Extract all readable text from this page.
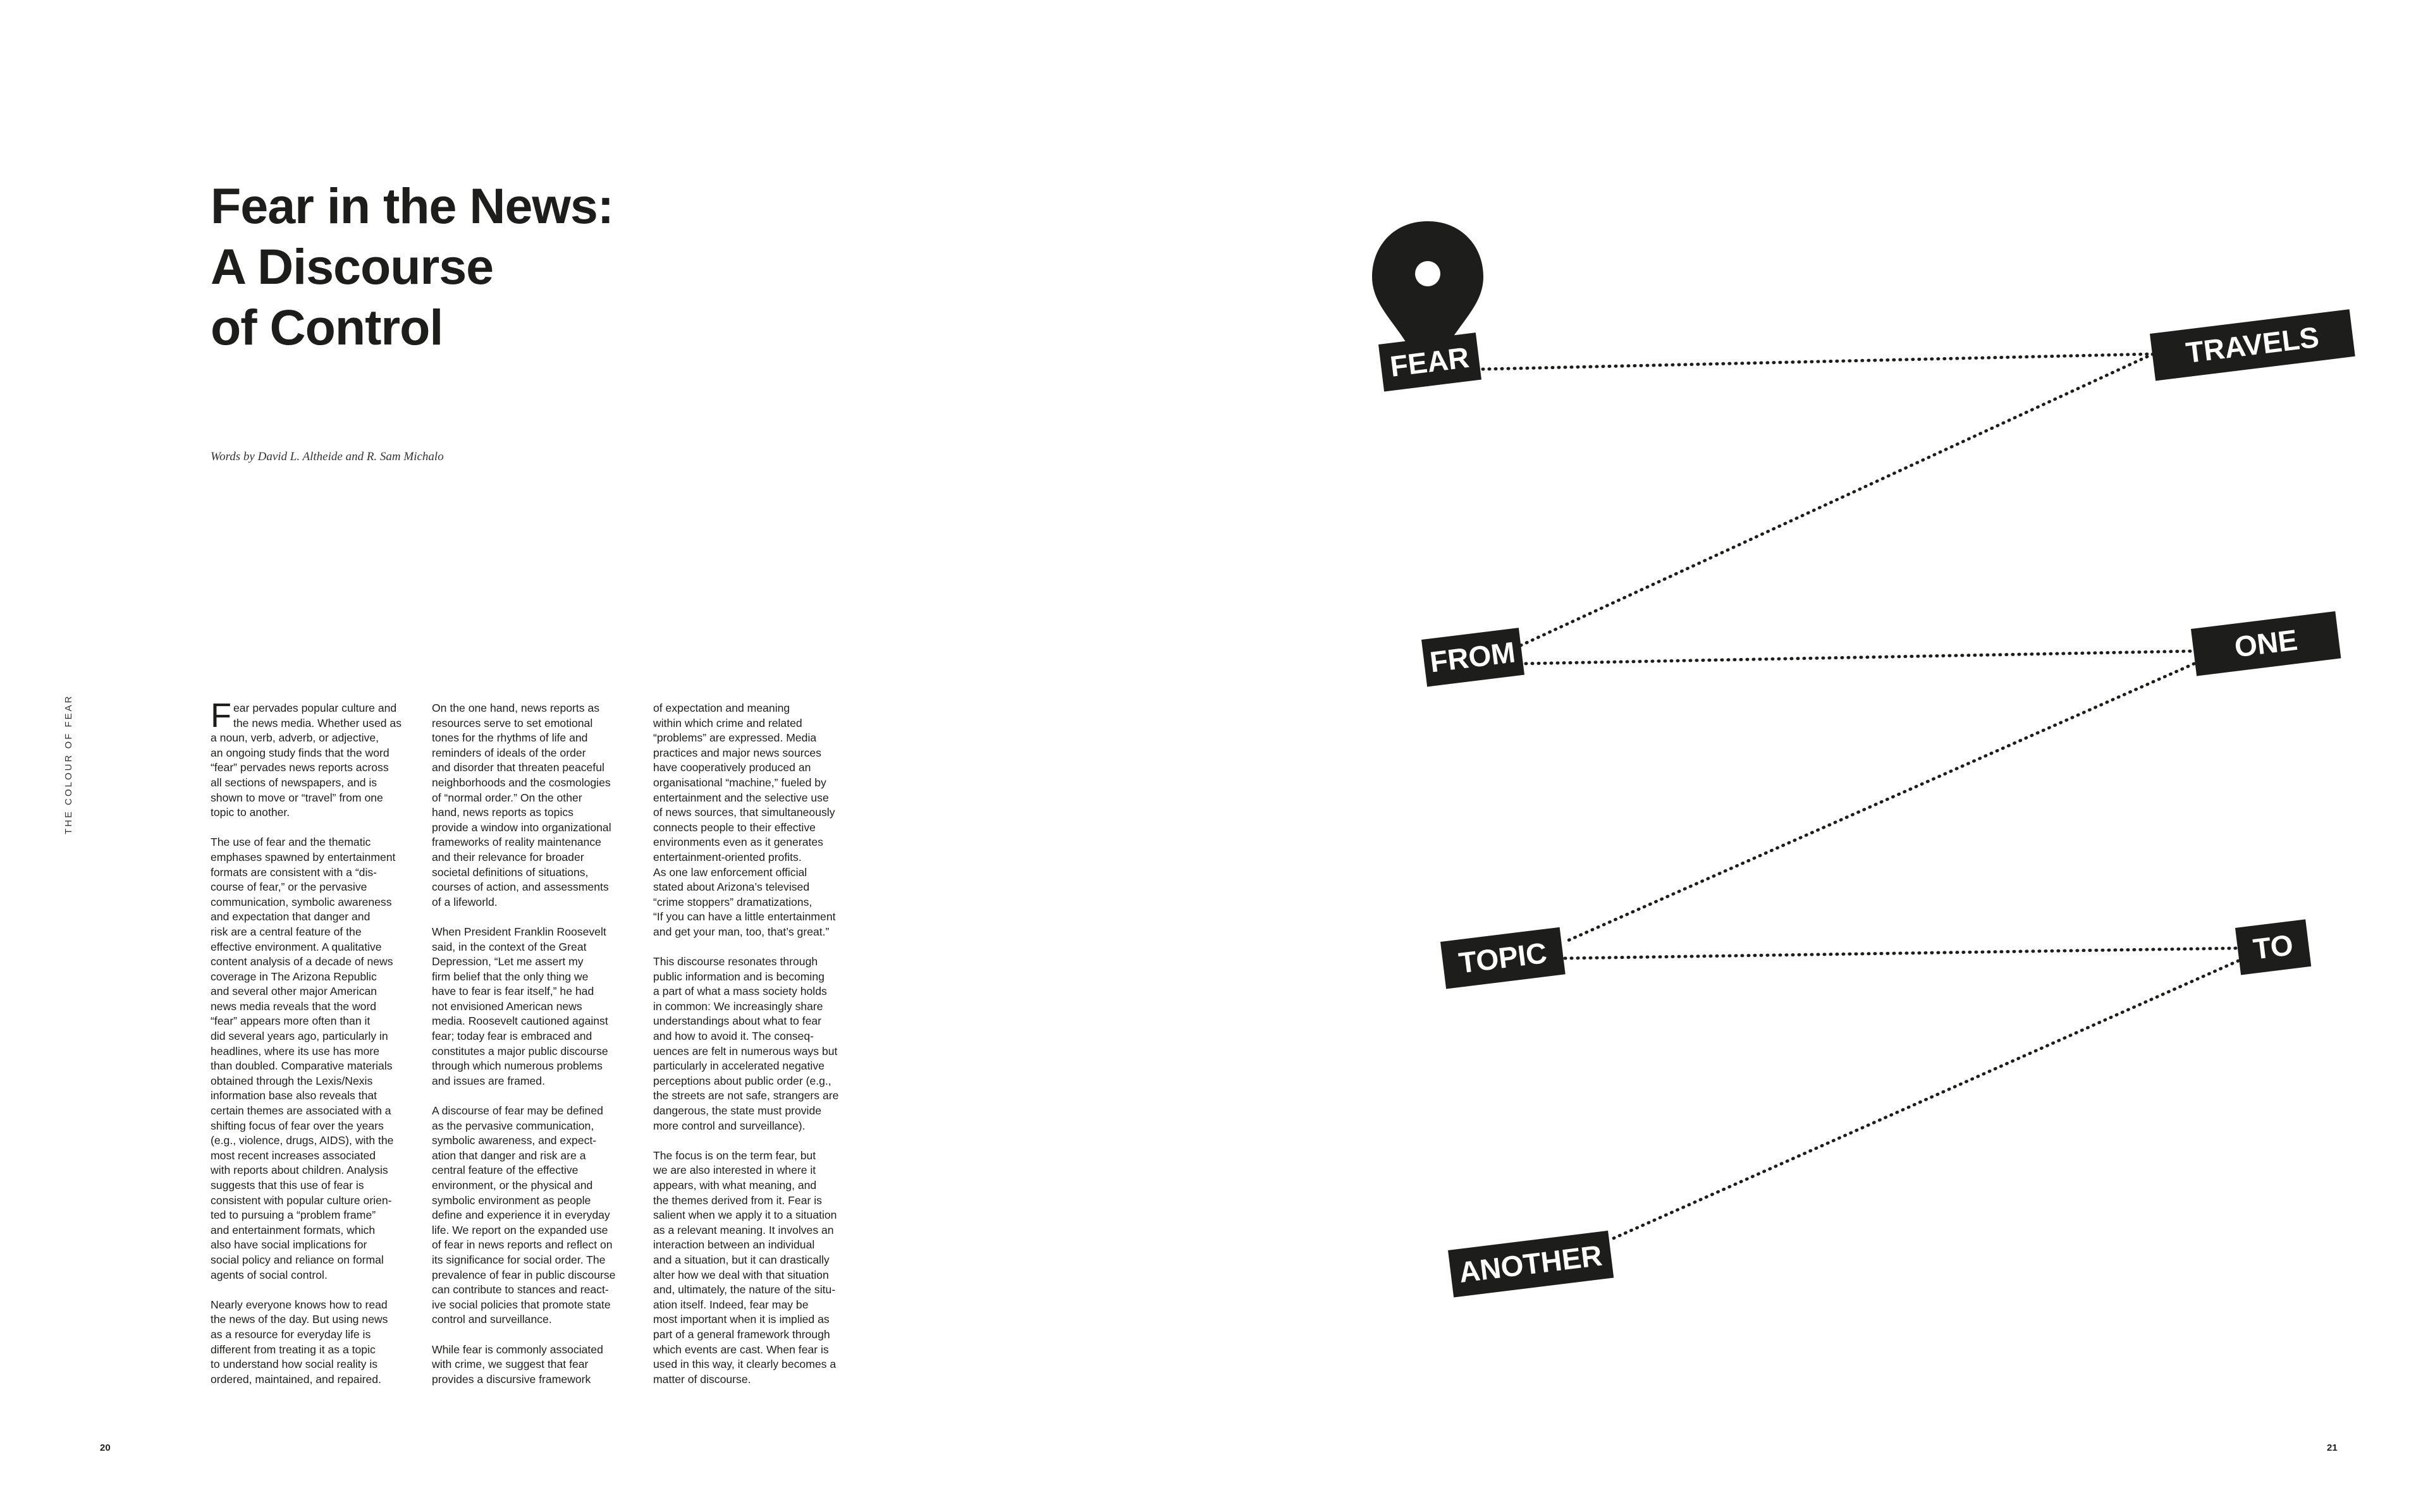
Fear in the News:
A Discourse
of Control
Words by David L. Altheide and R. Sam Michalo
THE COLOUR OF FEAR	Fear pervades popular culture and
the news media. Whether used as
a noun, verb, adverb, or adjective,
an ongoing study finds that the word
“fear” pervades news reports across
all sections of newspapers, and is
shown to move or “travel” from one
topic to another.

The use of fear and the thematic
emphases spawned by entertainment
formats are consistent with a “dis-
course of fear,” or the pervasive
communication, symbolic awareness
and expectation that danger and
risk are a central feature of the
effective environment. A qualitative
content analysis of a decade of news
coverage in The Arizona Republic
and several other major American
news media reveals that the word
“fear” appears more often than it
did several years ago, particularly in
headlines, where its use has more
than doubled. Comparative materials
obtained through the Lexis/Nexis
information base also reveals that
certain themes are associated with a
shifting focus of fear over the years
(e.g., violence, drugs, AIDS), with the
most recent increases associated
with reports about children. Analysis
suggests that this use of fear is
consistent with popular culture orien-
ted to pursuing a “problem frame”
and entertainment formats, which
also have social implications for
social policy and reliance on formal
agents of social control.

Nearly everyone knows how to read
the news of the day. But using news
as a resource for everyday life is
different from treating it as a topic
to understand how social reality is
ordered, maintained, and repaired.

On the one hand, news reports as
resources serve to set emotional
tones for the rhythms of life and
reminders of ideals of the order
and disorder that threaten peaceful
neighborhoods and the cosmologies
of “normal order.” On the other
hand, news reports as topics
provide a window into organizational
frameworks of reality maintenance
and their relevance for broader
societal definitions of situations,
courses of action, and assessments
of a lifeworld.

When President Franklin Roosevelt
said, in the context of the Great
Depression, “Let me assert my
firm belief that the only thing we
have to fear is fear itself,” he had
not envisioned American news
media. Roosevelt cautioned against
fear; today fear is embraced and
constitutes a major public discourse
through which numerous problems
and issues are framed.

A discourse of fear may be defined
as the pervasive communication,
symbolic awareness, and expect-
ation that danger and risk are a
central feature of the effective
environment, or the physical and
symbolic environment as people
define and experience it in everyday
life. We report on the expanded use
of fear in news reports and reflect on
its significance for social order. The
prevalence of fear in public discourse
can contribute to stances and react-
ive social policies that promote state
control and surveillance.

While fear is commonly associated
with crime, we suggest that fear
provides a discursive framework

of expectation and meaning
within which crime and related
“problems” are expressed. Media
practices and major news sources
have cooperatively produced an
organisational “machine,” fueled by
entertainment and the selective use
of news sources, that simultaneously
connects people to their effective
environments even as it generates
entertainment-oriented profits.
As one law enforcement official
stated about Arizona’s televised
“crime stoppers” dramatizations,
“If you can have a little entertainment
and get your man, too, that’s great.”

This discourse resonates through
public information and is becoming
a part of what a mass society holds
in common: We increasingly share
understandings about what to fear
and how to avoid it. The conseq-
uences are felt in numerous ways but
particularly in accelerated negative
perceptions about public order (e.g.,
the streets are not safe, strangers are
dangerous, the state must provide
more control and surveillance).

The focus is on the term fear, but
we are also interested in where it
appears, with what meaning, and
the themes derived from it. Fear is
salient when we apply it to a situation
as a relevant meaning. It involves an
interaction between an individual
and a situation, but it can drastically
alter how we deal with that situation
and, ultimately, the nature of the situ-
ation itself. Indeed, fear may be
most important when it is implied as
part of a general framework through
which events are cast. When fear is
used in this way, it clearly becomes a
matter of discourse.

20
FEAR	TRAVELS
FROM	ONE
TOPIC	TO
ANOTHER
21
